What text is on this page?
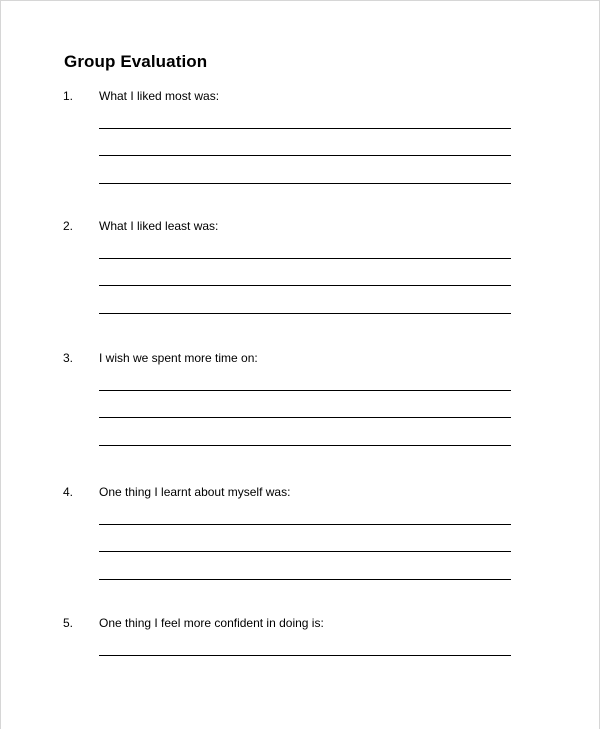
Group Evaluation
1. What I liked most was:
2. What I liked least was:
3. I wish we spent more time on:
4. One thing I learnt about myself was:
5. One thing I feel more confident in doing is:
